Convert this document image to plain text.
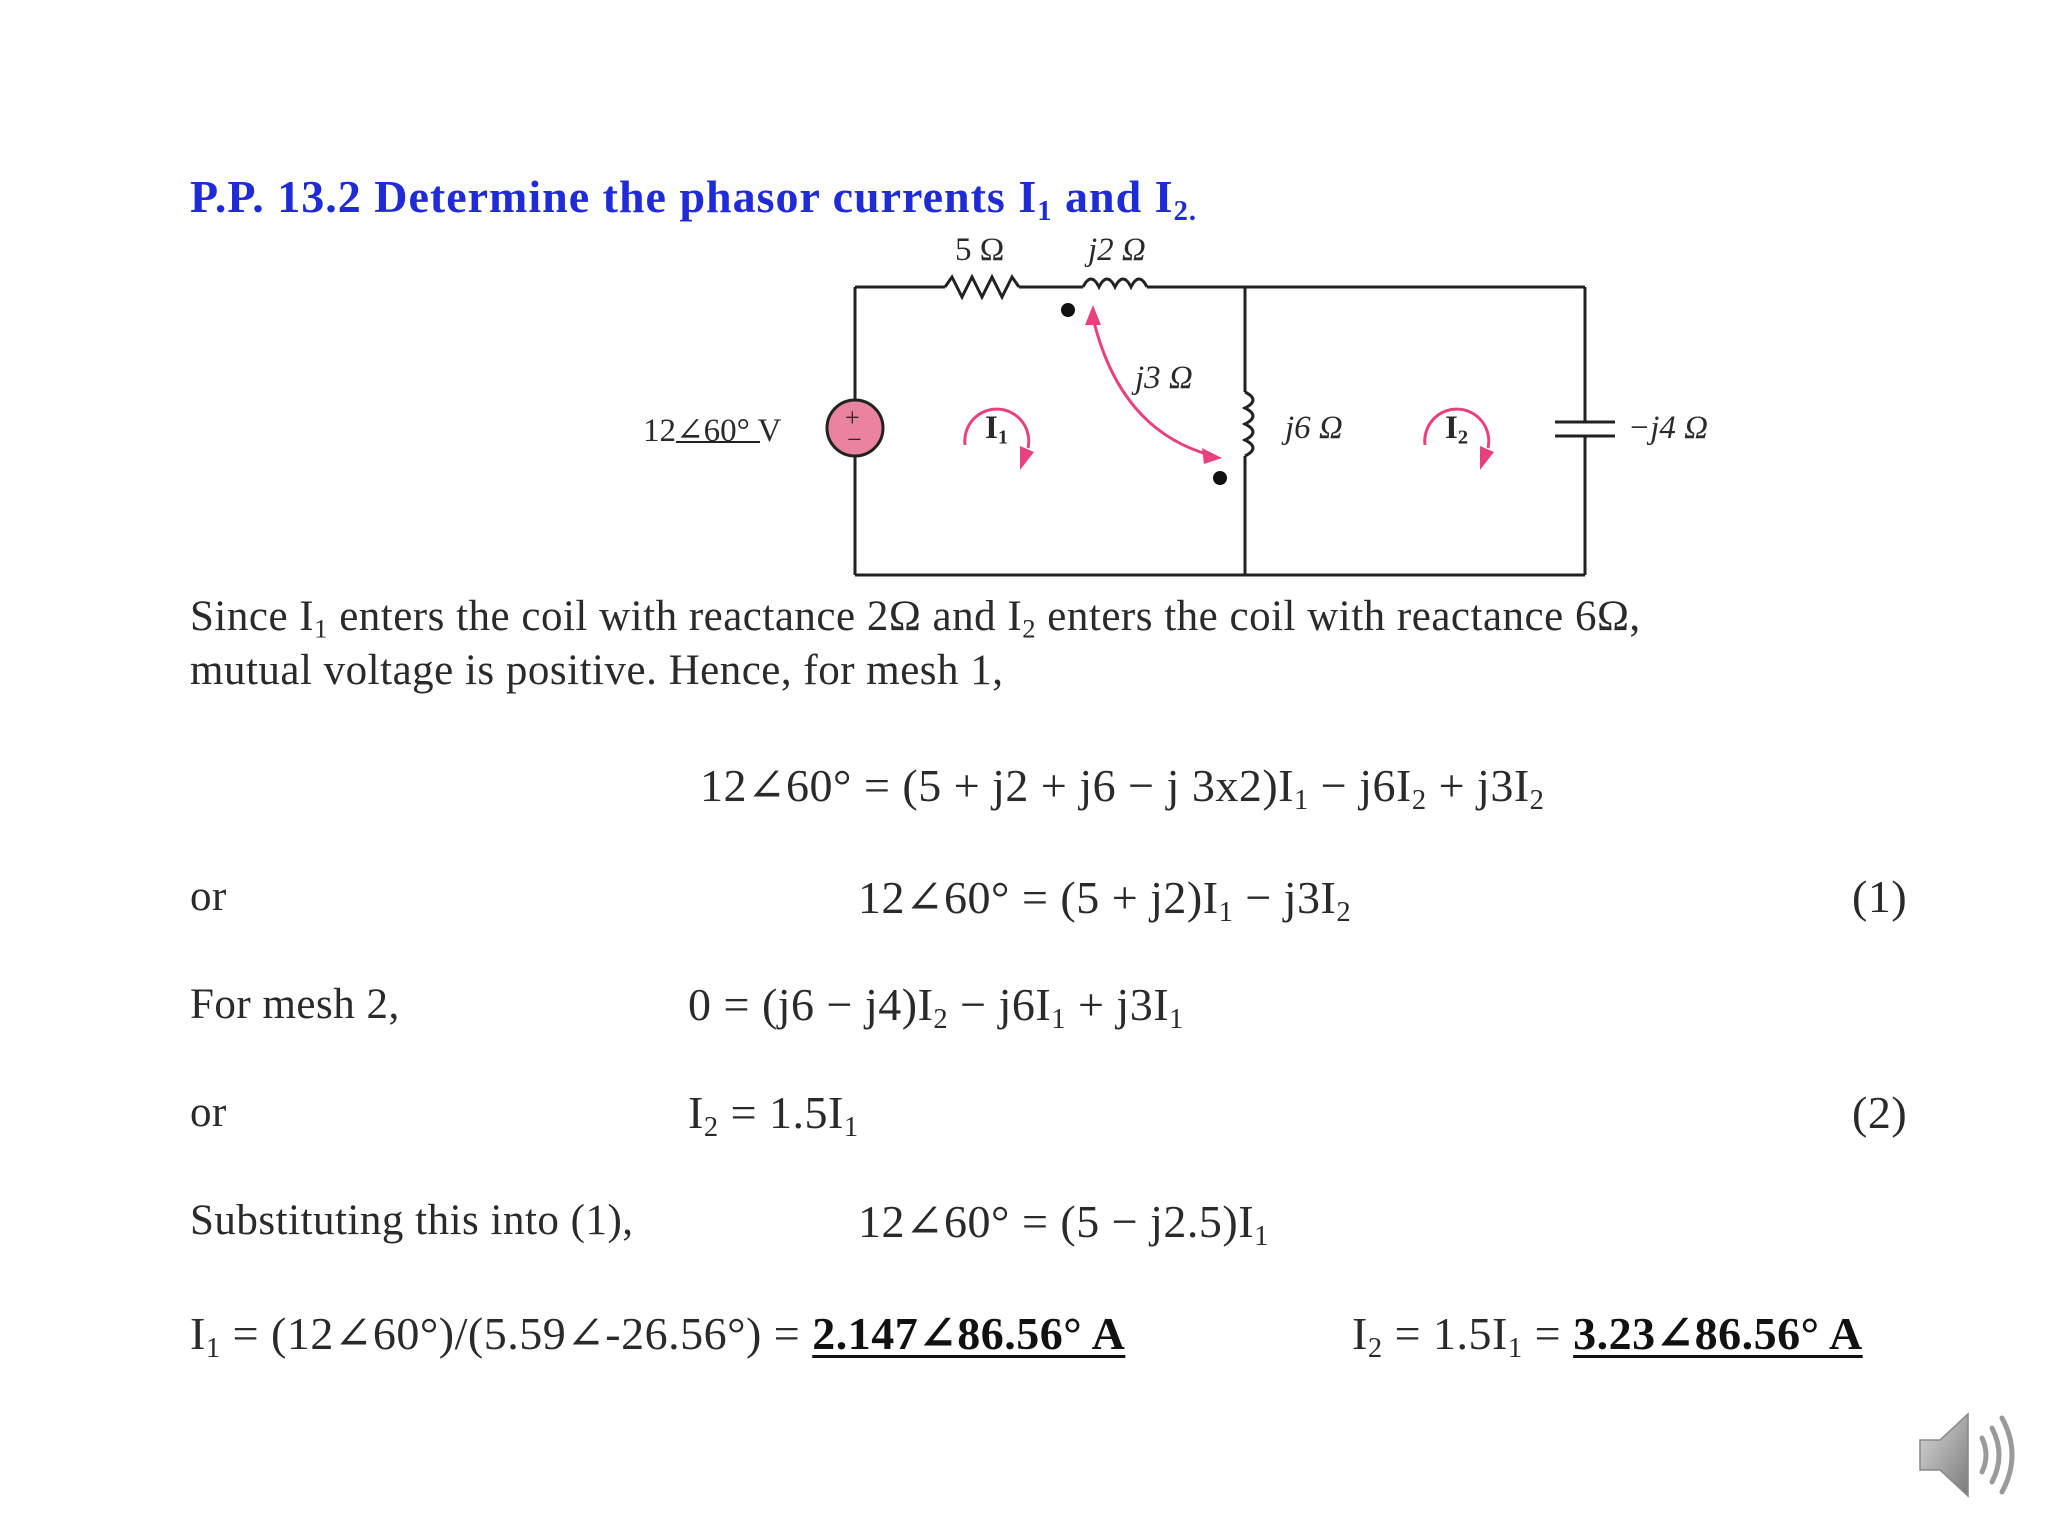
P.P. 13.2 Determine the phasor currents $I_1$ and $I_{2.}$
5 Ω	j2 Ω
j3 Ω
j6 Ω	−j4 Ω
12∠60° V +
−	$I_1$	$I_2$
Since $I_1$ enters the coil with reactance 2Ω and $I_2$ enters the coil with reactance 6Ω,
mutual voltage is positive. Hence, for mesh 1,
12∠60° = (5 + j2 + j6 − j $3x2)I_1 - j6I_2 + j3I_2$
or	12∠60° = $(5 + j2)I_1 - j3I_2$	(1)
For mesh 2,	$0 = (j6 - j4)I_2 - j6I_1 + j3I_1$
or	$I_2 = 1.5I_1$	(2)
Substituting this into (1),	12∠60° = $(5 - j2.5)I_1$
$I_1$ = (12∠60°)/(5.59∠-26.56°) = 2.147∠86.56° A	$I_2 = 1.5I_1$ = 3.23∠86.56° A
